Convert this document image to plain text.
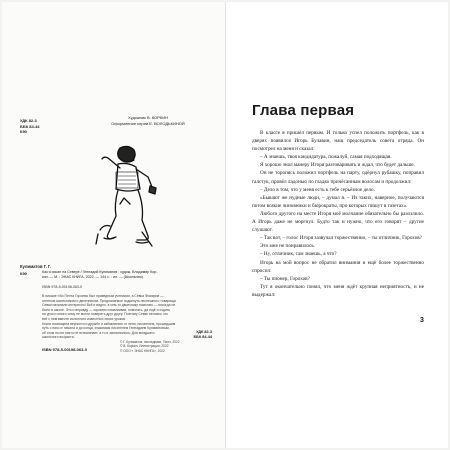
УДК 82-3
ББК 84-44
К90
Художник В. КОРКИН
Оформление серии Е. ВОЛОДЬКИНОЙ
Кулиматов Г. Г.
К90	Как я искал на Севере / Геннадий Кулиматов ; худож. Владимир Кор-
кин. — М. : ЭНАС КНИГА, 2022. — 144 с. : ил. — (Школьная).
ISBN 978-5-00198-063-0
В письме «Во Пента Гороева был праведным учеником, а Севка Фомиров —
отпетым школьником и двоечником. Предлагаемое подкинуть неспешного товарища
Севки начинали интересно! Всё и видно, в чем-то двоечнику помогать — никогда не
было в школе. Это и вправду — скромно помалкивая, помогать, да ещё и ходить
на урок и много чему не могли поверить друг другу. Поэтому Севке неловко что
всё с ним вместе исполнять известных своих уроков.
Книга посвящена верности и дружбе и избавлению от лени, писателем, прошедшим
путь с ним от начала и до конца, знакомым писателем Геннадием Кулиматовым,
об этом почти никто не вспоминает, а то и запомнилось. Для младшего
школьного возраста.
УДК 82-3
ББК 84-44
ISBN 978-5-00198-063-0
© Г. Кулиматов, наследники, Текст, 2022
© В. Коркин, Иллюстрации, 2022
© ООО « ЭНАС КНИГА», 2022
Глава первая

В классе я пришёл первым. И только успел положить портфель, как в дверях появился Игорь Булавин, наш председатель совета отряда. Он посмотрел на меня и сказал:

– А знаешь, твоя кандидатура, пожалуй, самая подходящая.

Я хорошо знал манеру Игоря разговаривать и ждал, что будет дальше.

Он не торопясь положил портфель на парту, одёрнул рубашку, поправил галстук, провёл ладонью по гладко причёсанным волосам и продолжил:

– Дело в том, что у меня есть к тебе серьёзное дело.

«Бывают же нудные люди, – думал я. – Из таких, наверное, получаются потом всякие чиновники и бюрократы, про которых пишут в газетах».

Любого другого на месте Игоря моё молчание обязательно бы разозлило. А Игорь даже не моргнул. Будто так и нужно, что его говорят – другие слушают.

– Так вот, – голос Игоря зазвучал торжественно, – ты отличник, Горохов?

Это мне не понравилось.

– Ну, отличник, сам знаешь, а что?

Игорь на мой вопрос не обратил внимания и ещё более торжественно спросил:

– Ты пионер, Горохов?

Тут я окончательно понял, что меня ждёт крупная неприятность, и не выдержал:

3
